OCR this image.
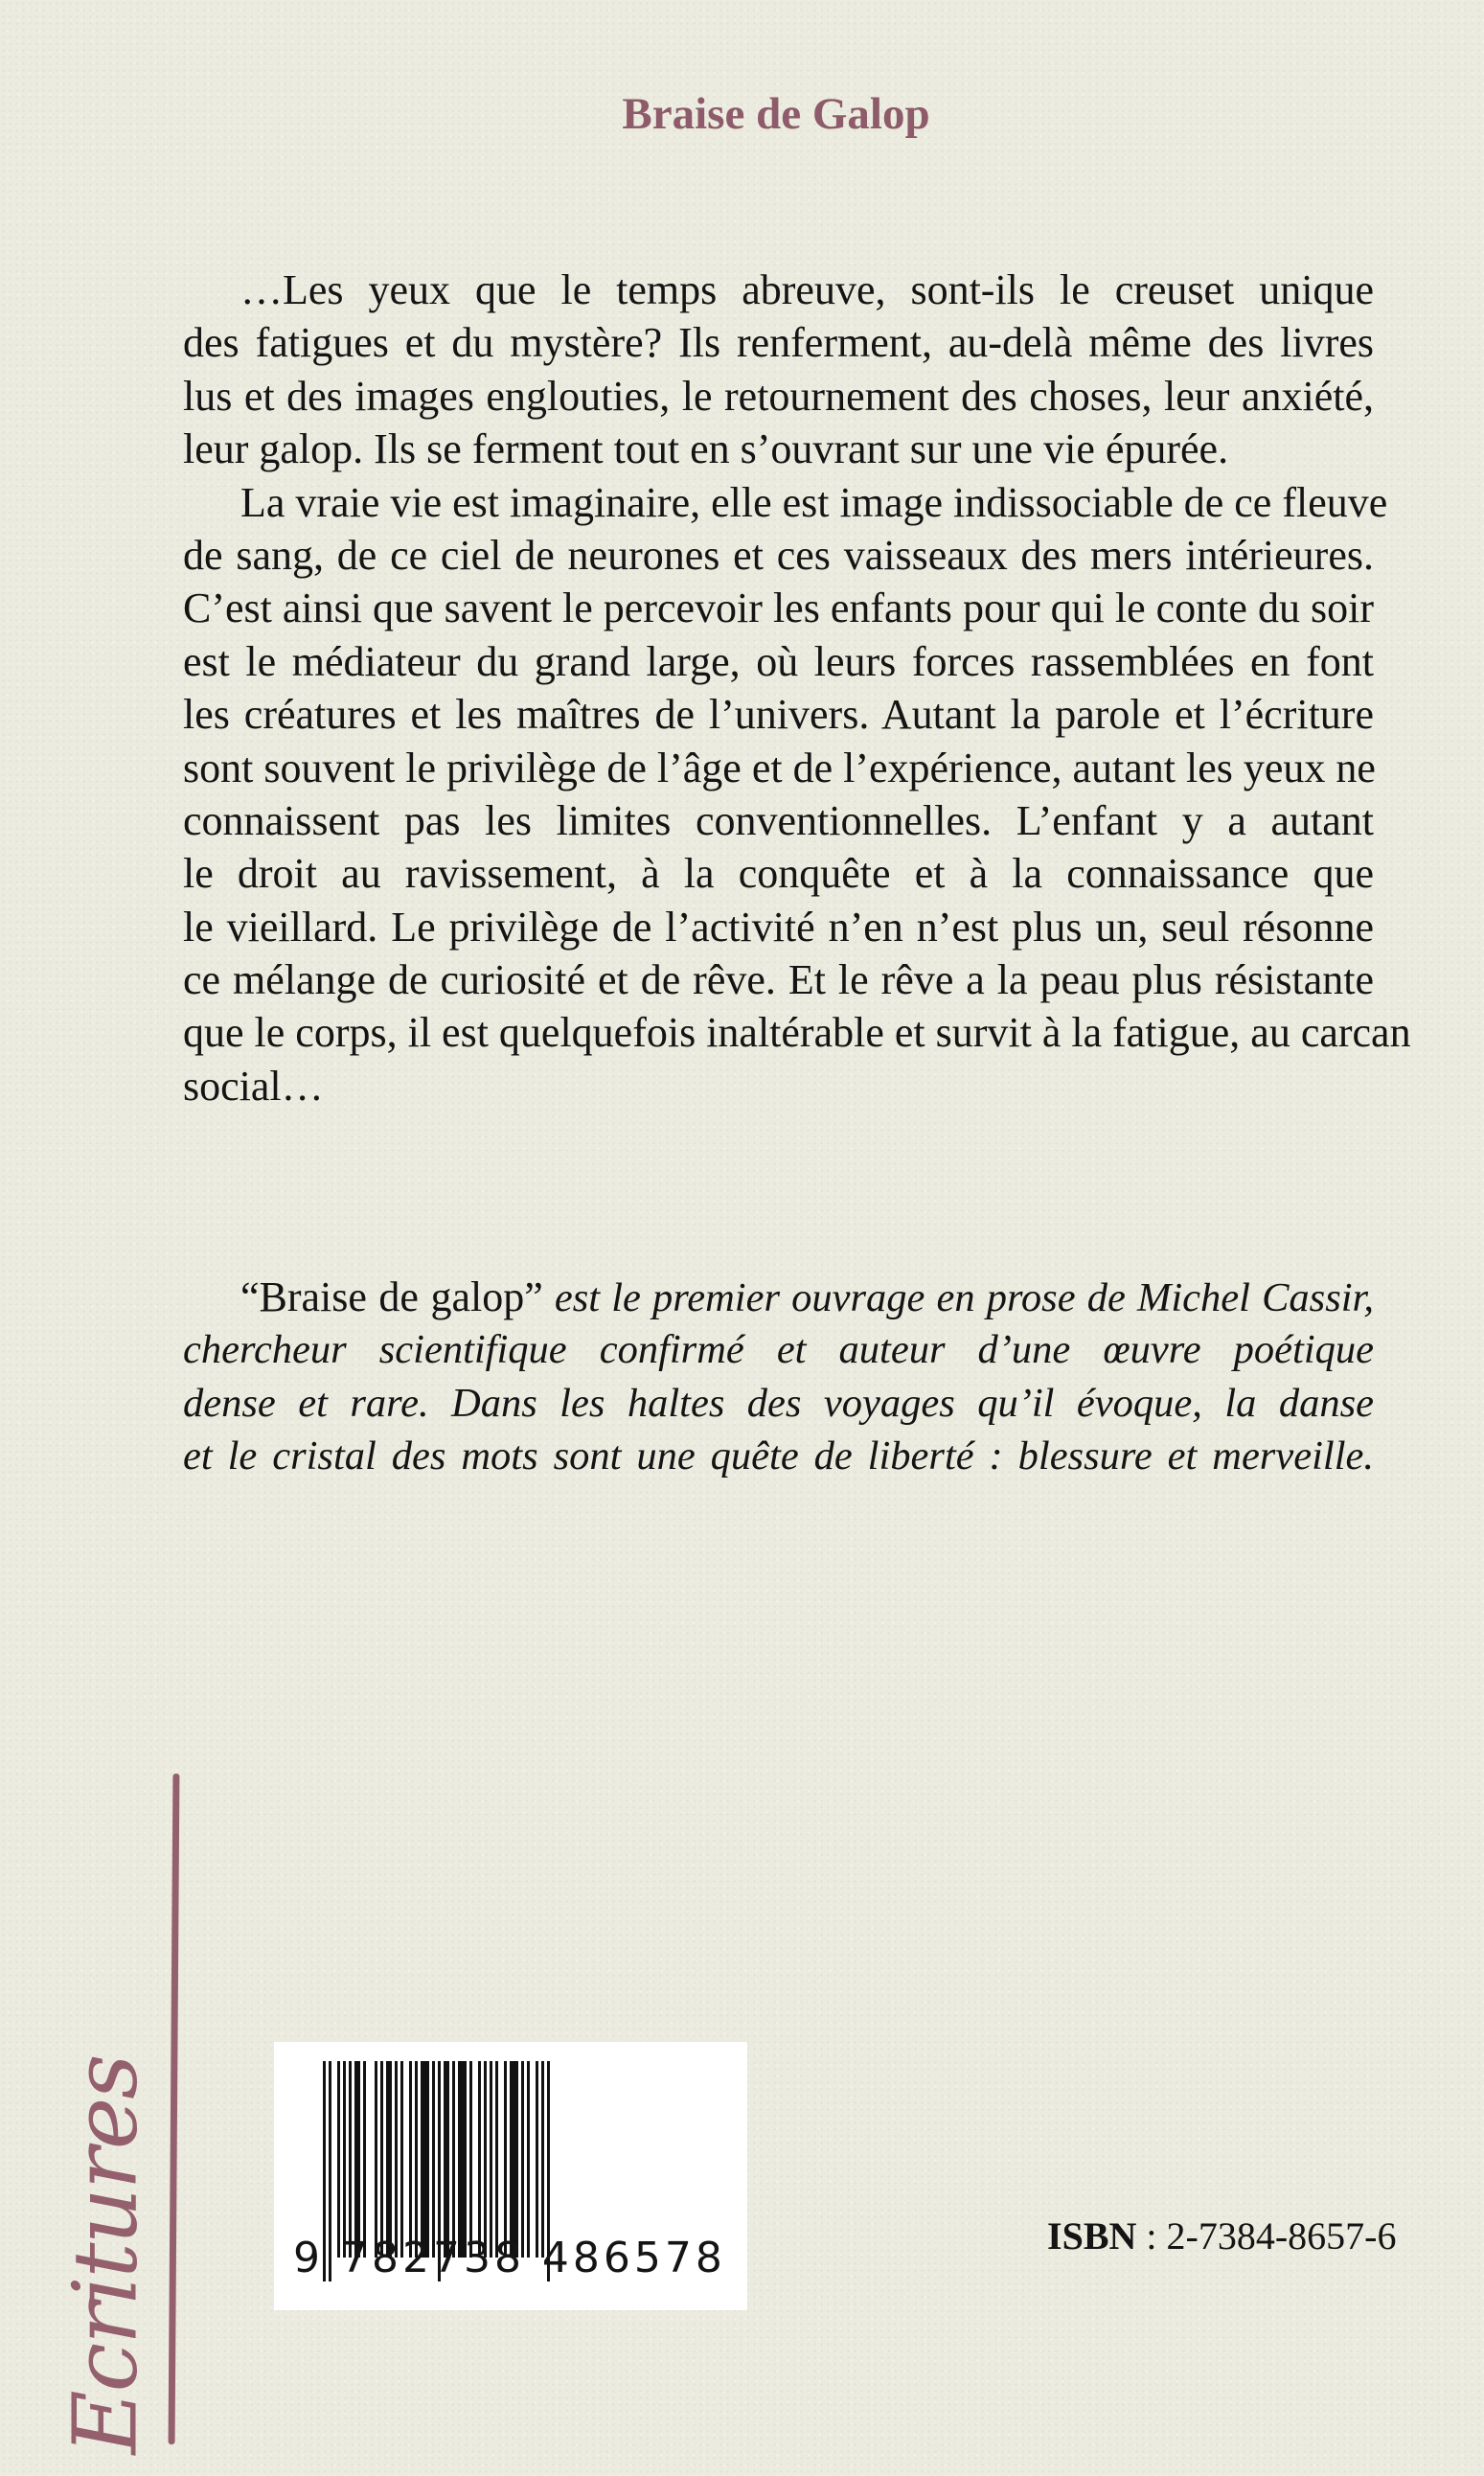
Braise de Galop
…Les yeux que le temps abreuve, sont-ils le creuset unique
des fatigues et du mystère? Ils renferment, au-delà même des livres
lus et des images englouties, le retournement des choses, leur anxiété,
leur galop. Ils se ferment tout en s’ouvrant sur une vie épurée.
La vraie vie est imaginaire, elle est image indissociable de ce fleuve
de sang, de ce ciel de neurones et ces vaisseaux des mers intérieures.
C’est ainsi que savent le percevoir les enfants pour qui le conte du soir
est le médiateur du grand large, où leurs forces rassemblées en font
les créatures et les maîtres de l’univers. Autant la parole et l’écriture
sont souvent le privilège de l’âge et de l’expérience, autant les yeux ne
connaissent pas les limites conventionnelles. L’enfant y a autant
le droit au ravissement, à la conquête et à la connaissance que
le vieillard. Le privilège de l’activité n’en n’est plus un, seul résonne
ce mélange de curiosité et de rêve. Et le rêve a la peau plus résistante
que le corps, il est quelquefois inaltérable et survit à la fatigue, au carcan
social…
“Braise de galop” est le premier ouvrage en prose de Michel Cassir,
chercheur scientifique confirmé et auteur d’une œuvre poétique
dense et rare. Dans les haltes des voyages qu’il évoque, la danse
et le cristal des mots sont une quête de liberté : blessure et merveille.
Ecritures	9 782738 486578	ISBN : 2-7384-8657-6
